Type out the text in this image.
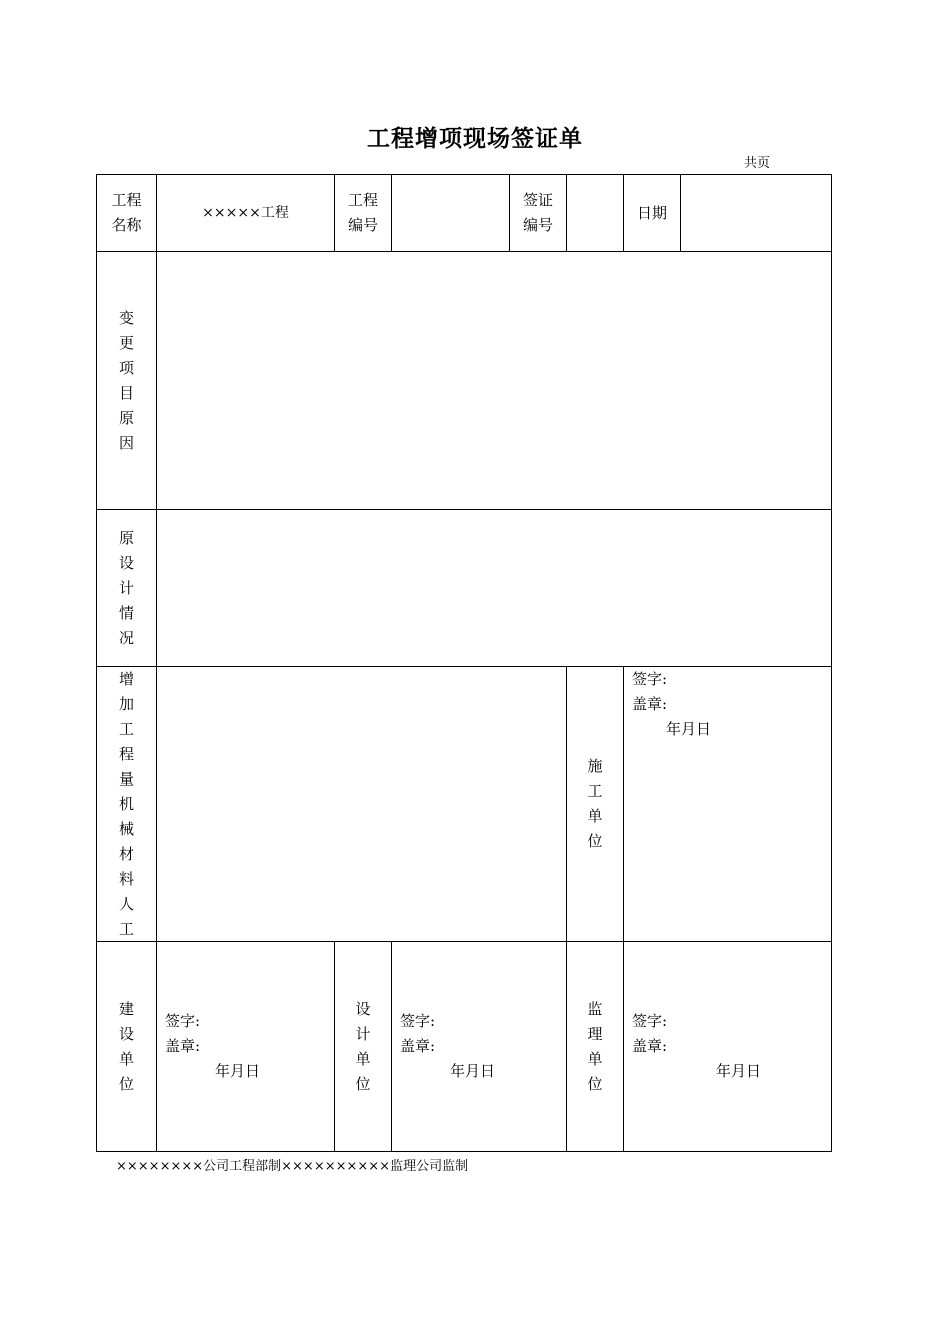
工程增项现场签证单
共页
工程
名称
×××××工程
工程
编号
签证
编号
日期
变更项目原因
原设计情况
增加工程量机械材料人工
施工单位
签字:
盖章:
年月日
建设单位
签字:
盖章:
年月日
设计单位
签字:
盖章:
年月日
监理单位
签字:
盖章:
年月日
××××××××公司工程部制××××××××××监理公司监制
